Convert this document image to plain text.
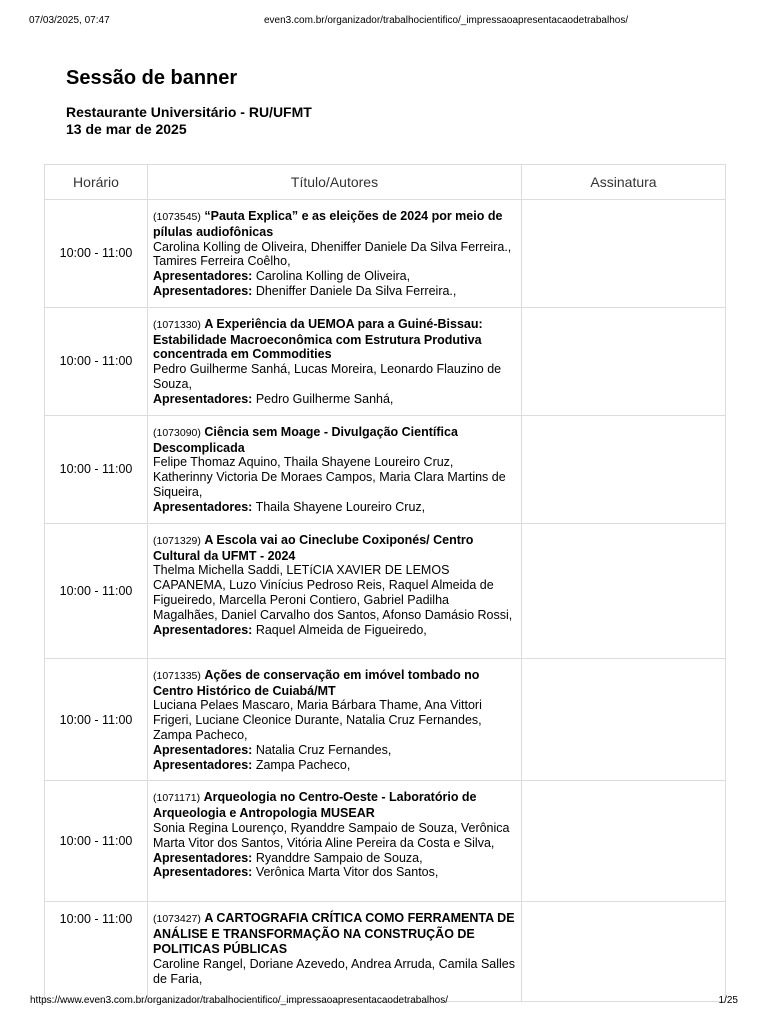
07/03/2025, 07:47	even3.com.br/organizador/trabalhocientifico/_impressaoapresentacaodetrabalhos/
Sessão de banner
Restaurante Universitário - RU/UFMT
13 de mar de 2025
Horário	Título/Autores	Assinatura
10:00 - 11:00	(1073545) “Pauta Explica” e as eleições de 2024 por meio de pílulas audiofônicas
Carolina Kolling de Oliveira, Dheniffer Daniele Da Silva Ferreira., Tamires Ferreira Coêlho,
Apresentadores: Carolina Kolling de Oliveira,
Apresentadores: Dheniffer Daniele Da Silva Ferreira.,	

10:00 - 11:00	(1071330) A Experiência da UEMOA para a Guiné-Bissau: Estabilidade Macroeconômica com Estrutura Produtiva concentrada em Commodities
Pedro Guilherme Sanhá, Lucas Moreira, Leonardo Flauzino de Souza,
Apresentadores: Pedro Guilherme Sanhá,	

10:00 - 11:00	(1073090) Ciência sem Moage - Divulgação Científica Descomplicada
Felipe Thomaz Aquino, Thaila Shayene Loureiro Cruz, Katherinny Victoria De Moraes Campos, Maria Clara Martins de Siqueira,
Apresentadores: Thaila Shayene Loureiro Cruz,	

10:00 - 11:00	(1071329) A Escola vai ao Cineclube Coxiponés/ Centro Cultural da UFMT - 2024
Thelma Michella Saddi, LETíCIA XAVIER DE LEMOS CAPANEMA, Luzo Vinícius Pedroso Reis, Raquel Almeida de Figueiredo, Marcella Peroni Contiero, Gabriel Padilha Magalhães, Daniel Carvalho dos Santos, Afonso Damásio Rossi,
Apresentadores: Raquel Almeida de Figueiredo,	

10:00 - 11:00	(1071335) Ações de conservação em imóvel tombado no Centro Histórico de Cuiabá/MT
Luciana Pelaes Mascaro, Maria Bárbara Thame, Ana Vittori Frigeri, Luciane Cleonice Durante, Natalia Cruz Fernandes, Zampa Pacheco,
Apresentadores: Natalia Cruz Fernandes,
Apresentadores: Zampa Pacheco,	

10:00 - 11:00	(1071171) Arqueologia no Centro-Oeste - Laboratório de Arqueologia e Antropologia MUSEAR
Sonia Regina Lourenço, Ryanddre Sampaio de Souza, Verônica Marta Vitor dos Santos, Vitória Aline Pereira da Costa e Silva,
Apresentadores: Ryanddre Sampaio de Souza,
Apresentadores: Verônica Marta Vitor dos Santos,	

10:00 - 11:00	(1073427) A CARTOGRAFIA CRÍTICA COMO FERRAMENTA DE ANÁLISE E TRANSFORMAÇÃO NA CONSTRUÇÃO DE POLITICAS PÚBLICAS
Caroline Rangel, Doriane Azevedo, Andrea Arruda, Camila Salles de Faria,	

https://www.even3.com.br/organizador/trabalhocientifico/_impressaoapresentacaodetrabalhos/	1/25
